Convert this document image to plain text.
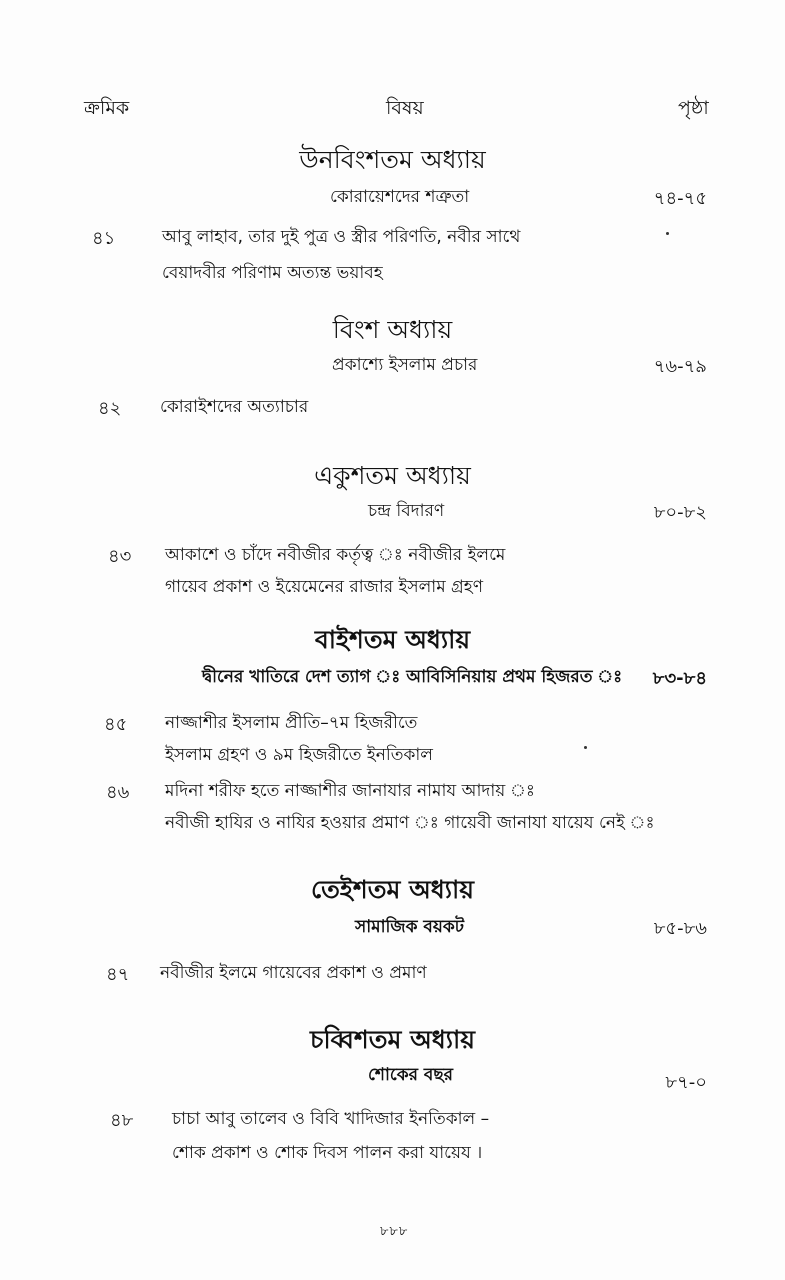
ক্রমিক	বিষয়	পৃষ্ঠা
উনবিংশতম অধ্যায়
কোরায়েশদের শত্রুতা	৭৪-৭৫
৪১	আবু লাহাব, তার দুই পুত্র ও স্ত্রীর পরিণতি, নবীর সাথে
বেয়াদবীর পরিণাম অত্যন্ত ভয়াবহ
বিংশ অধ্যায়
প্রকাশ্যে ইসলাম প্রচার	৭৬-৭৯
৪২ কোরাইশদের অত্যাচার
একুশতম অধ্যায়
চন্দ্র বিদারণ	৮০-৮২
৪৩ আকাশে ও চাঁদে নবীজীর কর্তৃত্ব ঃ নবীজীর ইলমে
গায়েব প্রকাশ ও ইয়েমেনের রাজার ইসলাম গ্রহণ
বাইশতম অধ্যায়
দ্বীনের খাতিরে দেশ ত্যাগ ঃ আবিসিনিয়ায় প্রথম হিজরত ঃ ৮৩-৮৪
৪৫ নাজ্জাশীর ইসলাম প্রীতি–৭ম হিজরীতে
ইসলাম গ্রহণ ও ৯ম হিজরীতে ইনতিকাল
৪৬ মদিনা শরীফ হতে নাজ্জাশীর জানাযার নামায আদায় ঃ
নবীজী হাযির ও নাযির হওয়ার প্রমাণ ঃ গায়েবী জানাযা যায়েয নেই ঃ
তেইশতম অধ্যায়
সামাজিক বয়কট	৮৫-৮৬
৪৭ নবীজীর ইলমে গায়েবের প্রকাশ ও প্রমাণ
চব্বিশতম অধ্যায়
শোকের বছর	৮৭-০
৪৮ চাচা আবু তালেব ও বিবি খাদিজার ইনতিকাল –
শোক প্রকাশ ও শোক দিবস পালন করা যায়েয ।
৮৮৮
